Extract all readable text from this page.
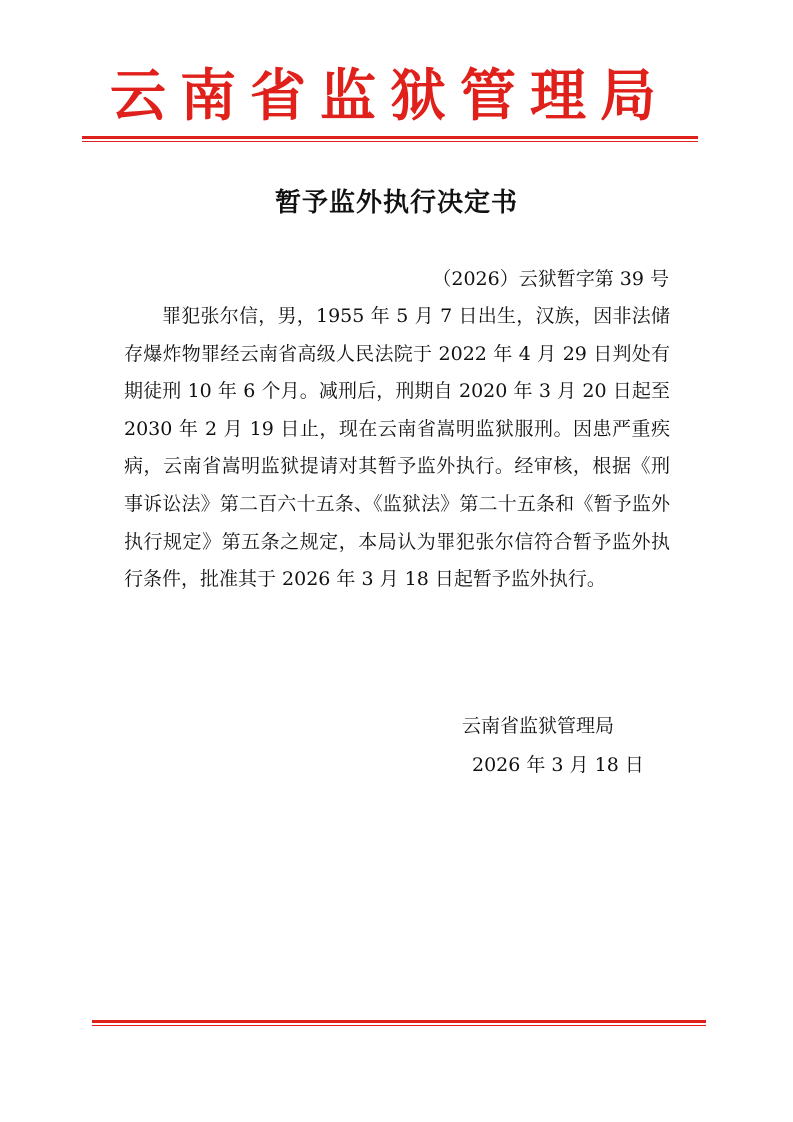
云南省监狱管理局
暂予监外执行决定书
（2026）云狱暂字第 39 号

罪犯张尔信，男，1955 年 5 月 7 日出生，汉族，因非法储存爆炸物罪经云南省高级人民法院于 2022 年 4 月 29 日判处有期徒刑 10 年 6 个月。减刑后，刑期自 2020 年 3 月 20 日起至 2030 年 2 月 19 日止，现在云南省嵩明监狱服刑。因患严重疾病，云南省嵩明监狱提请对其暂予监外执行。经审核，根据《刑事诉讼法》第二百六十五条、《监狱法》第二十五条和《暂予监外执行规定》第五条之规定，本局认为罪犯张尔信符合暂予监外执行条件，批准其于 2026 年 3 月 18 日起暂予监外执行。

云南省监狱管理局
2026 年 3 月 18 日
